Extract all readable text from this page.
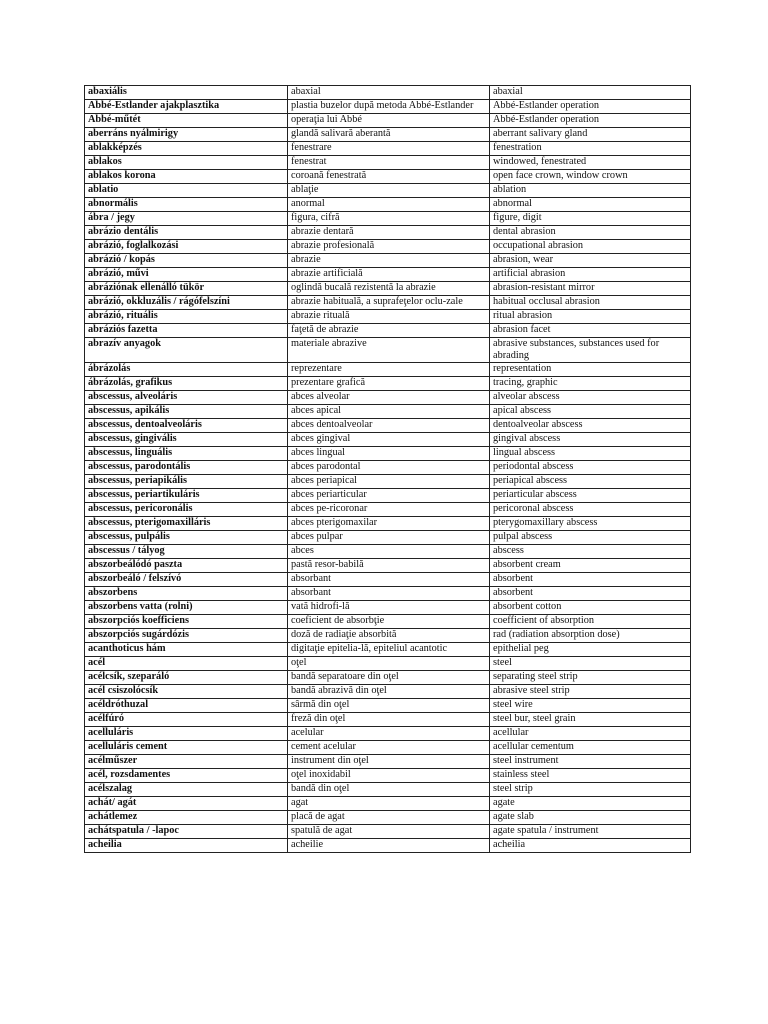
abaxiális	abaxial	abaxial
Abbé-Estlander ajakplasztika	plastia buzelor după metoda Abbé-Estlander	Abbé-Estlander operation
Abbé-műtét	operaţia lui Abbé	Abbé-Estlander operation
aberráns nyálmirigy	glandă salivară aberantă	aberrant salivary gland
ablakképzés	fenestrare	fenestration
ablakos	fenestrat	windowed, fenestrated
ablakos korona	coroană fenestrată	open face crown, window crown
ablatio	ablaţie	ablation
abnormális	anormal	abnormal
ábra / jegy	figura, cifră	figure, digit
abrázio dentális	abrazie dentară	dental abrasion
abrázió, foglalkozási	abrazie profesională	occupational abrasion
abrázió / kopás	abrazie	abrasion, wear
abrázió, művi	abrazie artificială	artificial abrasion
abráziónak ellenálló tükör	oglindă bucală rezistentă la abrazie	abrasion-resistant mirror
abrázió, okkluzális / rágófelszíni	abrazie habituală, a suprafeţelor oclu-zale	habitual occlusal abrasion
abrázió, rituális	abrazie rituală	ritual abrasion
abráziós fazetta	faţetă de abrazie	abrasion facet
abrazív anyagok	materiale abrazive	abrasive substances, substances used for abrading
ábrázolás	reprezentare	representation
ábrázolás, grafikus	prezentare grafică	tracing, graphic
abscessus, alveoláris	abces alveolar	alveolar abscess
abscessus, apikális	abces apical	apical abscess
abscessus, dentoalveoláris	abces dentoalveolar	dentoalveolar abscess
abscessus, gingivális	abces gingival	gingival abscess
abscessus, linguális	abces lingual	lingual abscess
abscessus, parodontális	abces parodontal	periodontal abscess
abscessus, periapikális	abces periapical	periapical abscess
abscessus, periartikuláris	abces periarticular	periarticular abscess
abscessus, pericoronális	abces pe-ricoronar	pericoronal abscess
abscessus, pterigomaxilláris	abces pterigomaxilar	pterygomaxillary abscess
abscessus, pulpális	abces pulpar	pulpal abscess
abscessus / tályog	abces	abscess
abszorbeálódó paszta	pastă resor-babilă	absorbent cream
abszorbeáló / felszívó	absorbant	absorbent
abszorbens	absorbant	absorbent
abszorbens vatta (rolni)	vată hidrofi-lă	absorbent cotton
abszorpciós koefficiens	coeficient de absorbţie	coefficient of absorption
abszorpciós sugárdózis	doză de radiaţie absorbită	rad (radiation absorption dose)
acanthoticus hám	digitaţie epitelia-lă, epiteliul acantotic	epithelial peg
acél	oţel	steel
acélcsík, szeparáló	bandă separatoare din oţel	separating steel strip
acél csiszolócsík	bandă abrazivă din oţel	abrasive steel strip
acéldróthuzal	sârmă din oţel	steel wire
acélfúró	freză din oţel	steel bur, steel grain
acelluláris	acelular	acellular
acelluláris cement	cement acelular	acellular cementum
acélműszer	instrument din oţel	steel instrument
acél, rozsdamentes	oţel inoxidabil	stainless steel
acélszalag	bandă din oţel	steel strip
achát/ agát	agat	agate
achátlemez	placă de agat	agate slab
achátspatula / -lapoc	spatulă de agat	agate spatula / instrument
acheilia	acheilie	acheilia
